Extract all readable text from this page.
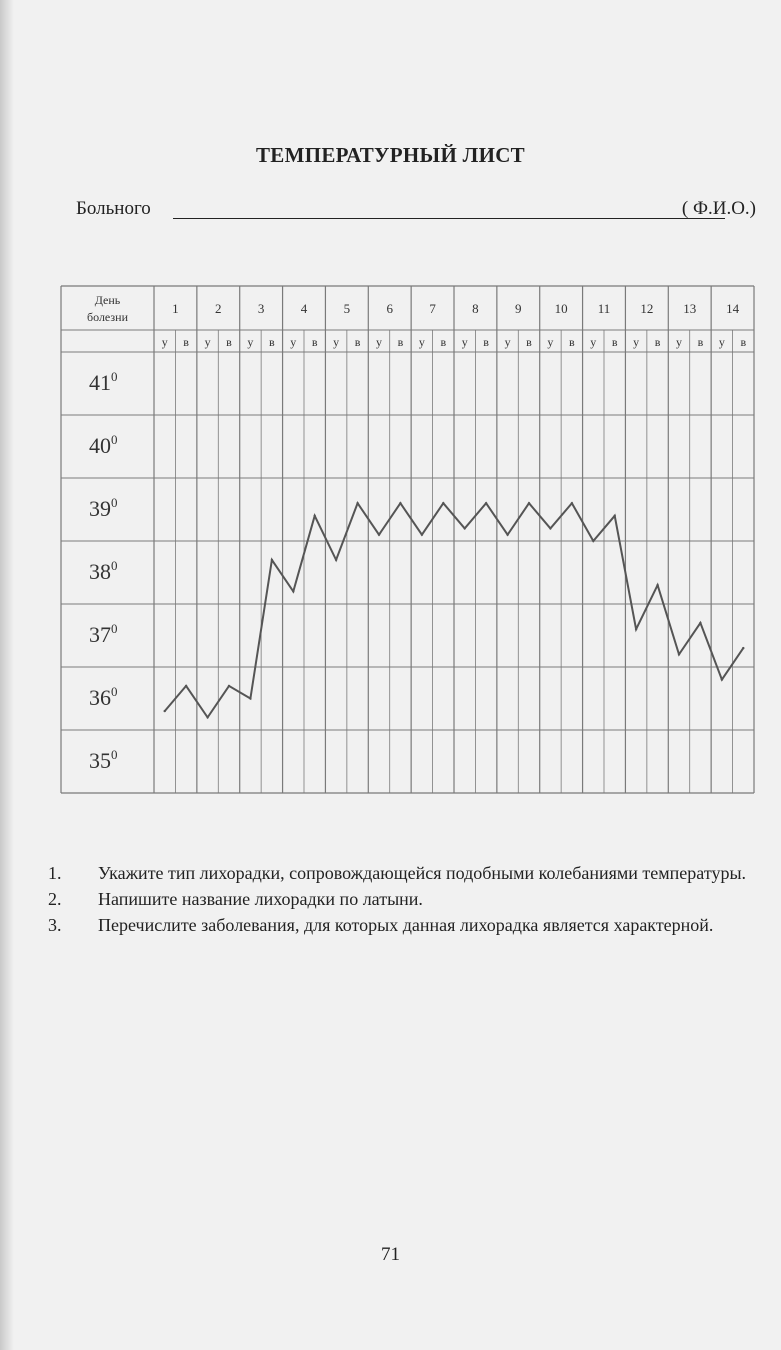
ТЕМПЕРАТУРНЫЙ ЛИСТ
Больного	( Ф.И.О.)
День
болезни
1	2	3	4	5	6	7	8	9	10 11 12 13 14
у в у в у в у в у в у в у в у в у в у в у в у в у в у в
$41^0$
$40^0$
$39^0$
$38^0$
$37^0$
$36^0$
$35^0$
1. Укажите тип лихорадки, сопровождающейся подобными колебаниями температуры.
2. Напишите название лихорадки по латыни.
3. Перечислите заболевания, для которых данная лихорадка является характерной.
71
